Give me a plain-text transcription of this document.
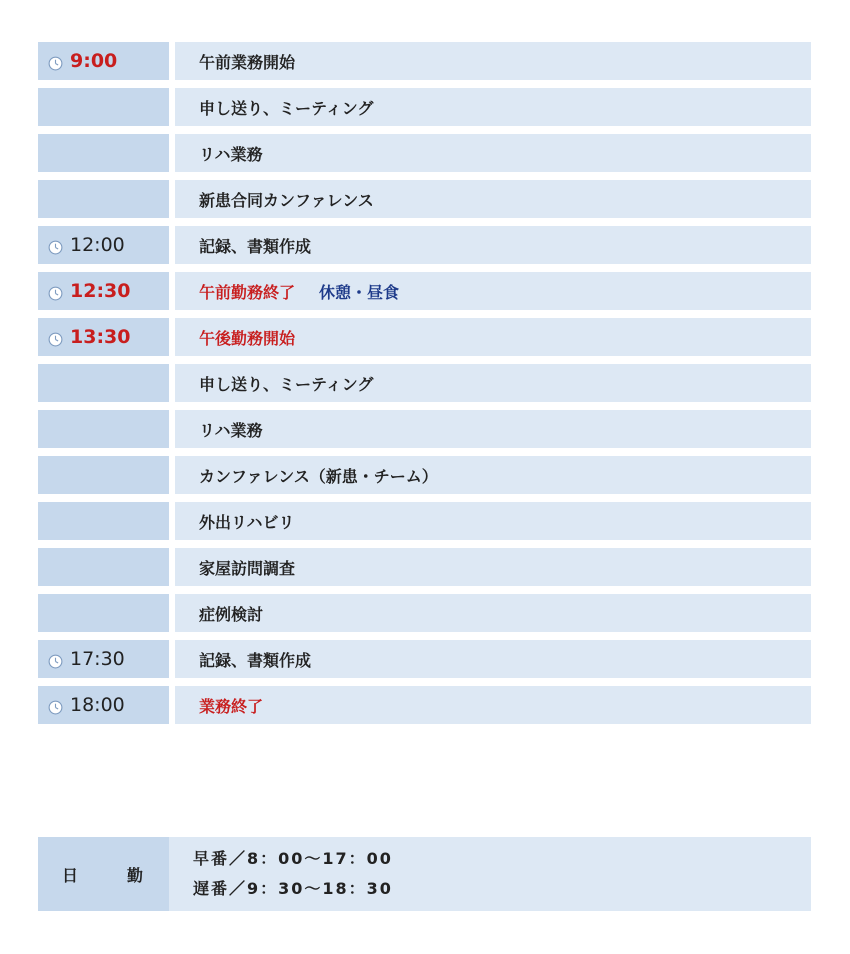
9:00	午前業務開始
申し送り、ミーティング
リハ業務
新患合同カンファレンス
12:00	記録、書類作成
12:30	午前勤務終了 休憩・昼食
13:30	午後勤務開始
申し送り、ミーティング
リハ業務
カンファレンス（新患・チーム）
外出リハビリ
家屋訪問調査
症例検討
17:30	記録、書類作成
18:00	業務終了
日	勤
早番／8：00〜17：00
遅番／9：30〜18：30
